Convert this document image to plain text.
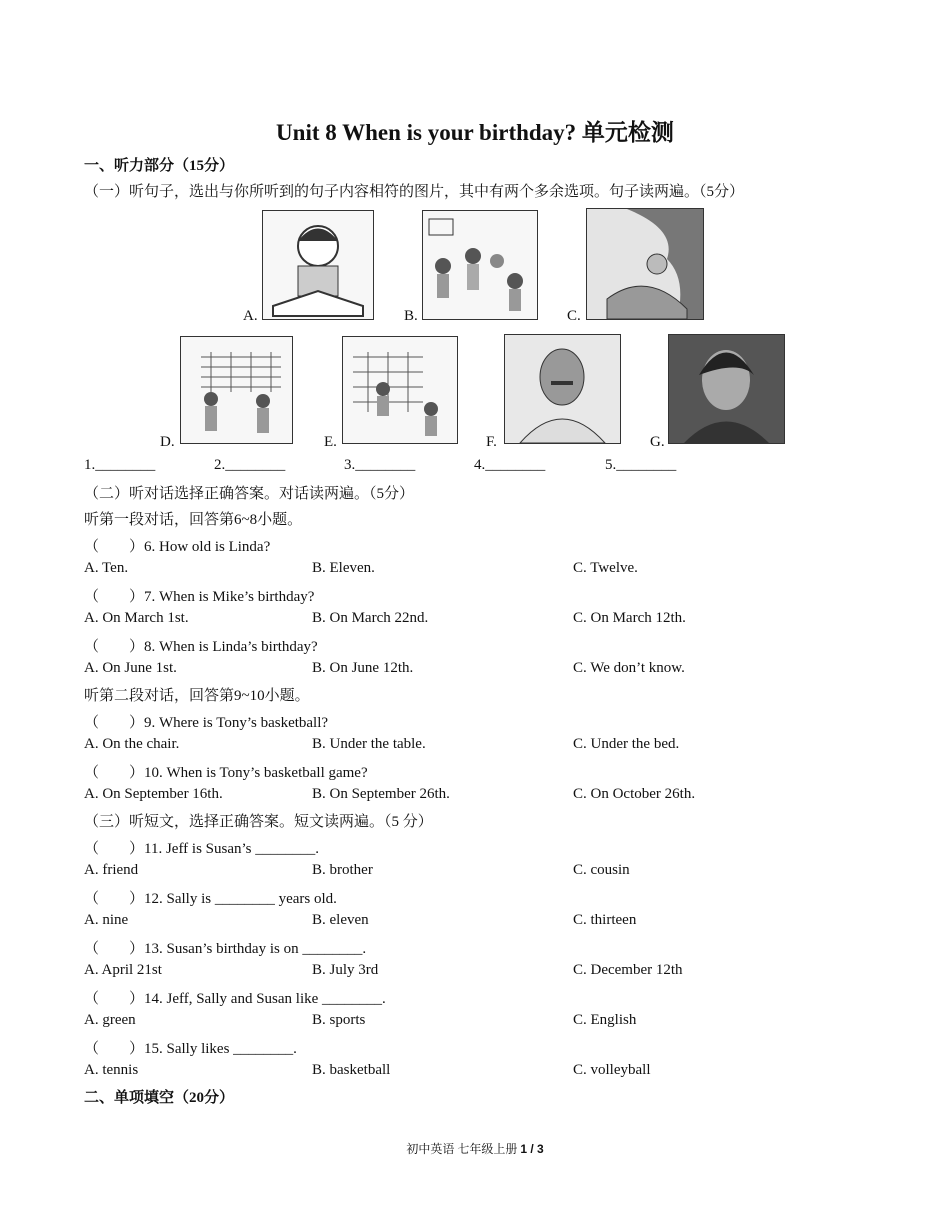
Unit 8 When is your birthday? 单元检测
一、听力部分（15分）
（一）听句子，选出与你所听到的句子内容相符的图片，其中有两个多余选项。句子读两遍。（5分）
A.	B.	C.
D.	E.	F.	G.
1.________	2.________	3.________	4.________	5.________
（二）听对话选择正确答案。对话读两遍。（5分）
听第一段对话，回答第6~8小题。
（　　）6. How old is Linda?
A. Ten.	B. Eleven.	C. Twelve.
（　　）7. When is Mike’s birthday?
A. On March 1st.	B. On March 22nd.	C. On March 12th.
（　　）8. When is Linda’s birthday?
A. On June 1st.	B. On June 12th.	C. We don’t know.
听第二段对话，回答第9~10小题。
（　　）9. Where is Tony’s basketball?
A. On the chair.	B. Under the table.	C. Under the bed.
（　　）10. When is Tony’s basketball game?
A. On September 16th.	B. On September 26th.	C. On October 26th.
（三）听短文，选择正确答案。短文读两遍。（5 分）
（　　）11. Jeff is Susan’s ________.
A. friend	B. brother	C. cousin
（　　）12. Sally is ________ years old.
A. nine	B. eleven	C. thirteen
（　　）13. Susan’s birthday is on ________.
A. April 21st	B. July 3rd	C. December 12th
（　　）14. Jeff, Sally and Susan like ________.
A. green	B. sports	C. English
（　　）15. Sally likes ________.
A. tennis	B. basketball	C. volleyball
二、单项填空（20分）
初中英语 七年级上册 1 / 3
